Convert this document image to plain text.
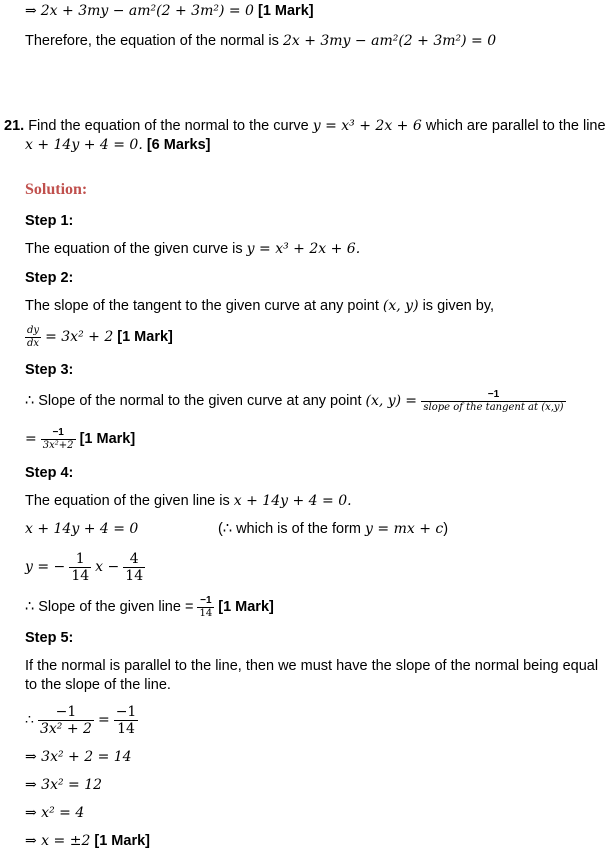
⇒ 2x + 3my − am²(2 + 3m²) = 0 [1 Mark]
Therefore, the equation of the normal is 2x + 3my − am²(2 + 3m²) = 0
21. Find the equation of the normal to the curve y = x³ + 2x + 6 which are parallel to the line
x + 14y + 4 = 0. [6 Marks]
Solution:
Step 1:
The equation of the given curve is y = x³ + 2x + 6.
Step 2:
The slope of the tangent to the given curve at any point (x, y) is given by,
$\frac{dy}{dx} = 3x^2 + 2$ [1 Mark]
Step 3:
∴ Slope of the normal to the given curve at any point (x, $y) = \frac{-1}{\text{slope of the tangent at (x,y)}}$
= $\frac{-1}{\text{3x²+2}} [1$ Mark]
Step 4:
The equation of the given line is x + 14y + 4 = 0.
x + 14y + 4 = 0	(∴ which is of the form y = mx + c)
y = − $\frac{1}{14}$ $x - \frac{4}{14}$
∴ Slope of the given line = $\frac{-1}{14} [1$ Mark]
Step 5:
If the normal is parallel to the line, then we must have the slope of the normal being equal
to the slope of the line.
∴ $\frac{-1}{\text{3x² + 2}} = \frac{-1}{14}$
⇒ 3x² + 2 = 14
⇒ 3x² = 12
⇒ x² = 4
⇒ x = ±2 [1 Mark]
